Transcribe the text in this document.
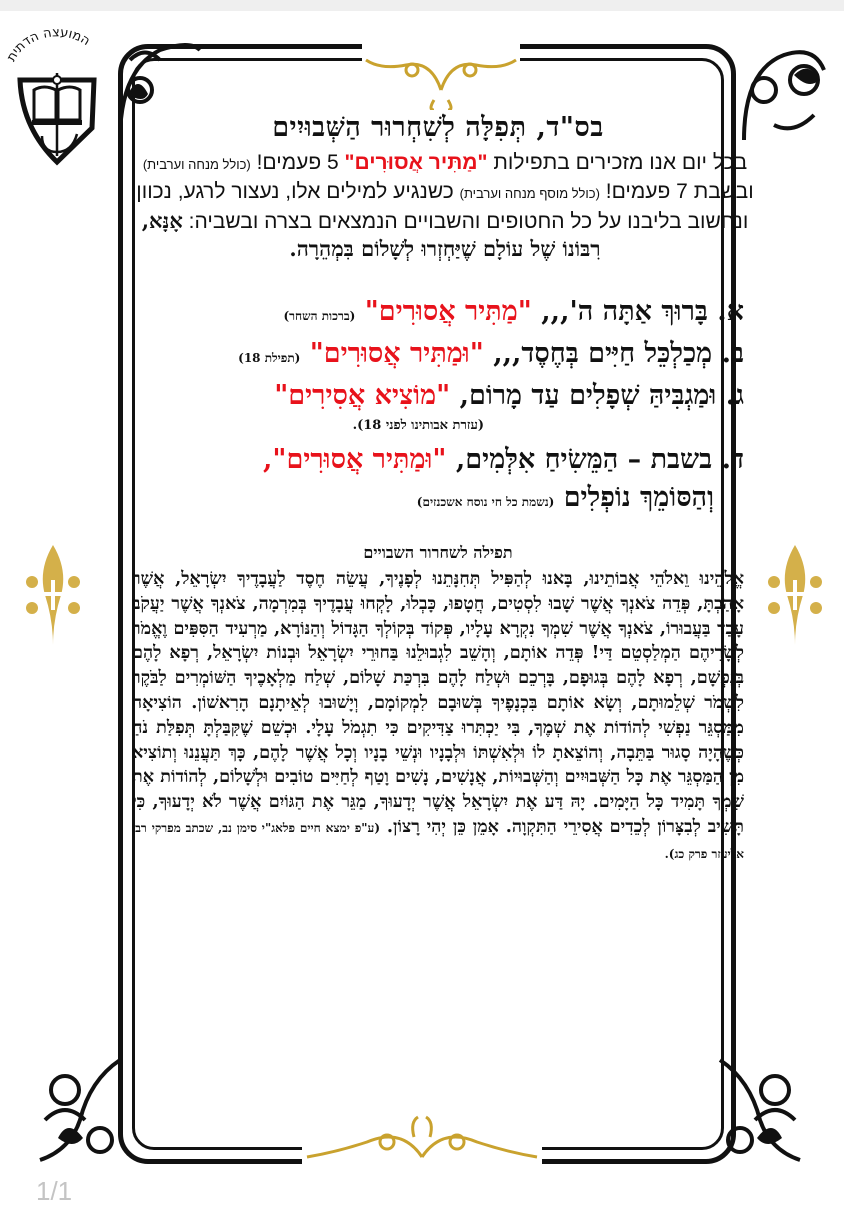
המועצה הדתית
בס"ד, תְּפִלָּה לְשִׁחְרוּר הַשְּׁבוּיִים
בכל יום אנו מזכירים בתפילות "מַתִּיר אֲסוּרִים" 5 פעמים! (כולל מנחה וערבית) ובשבת 7 פעמים! (כולל מוסף מנחה וערבית) כשנגיע למילים אלו, נעצור לרגע, נכוון ונחשוב בליבנו על כל החטופים והשבויים הנמצאים בצרה ובשביה: אָנָּא, רִבּוֹנוֹ שֶׁל עוֹלָם שֶׁיַּחְזְרוּ לְשָׁלוֹם בִּמְהֵרָה.
א. בָּרוּךְ אַתָּה ה',,, "מַתִּיר אֲסוּרִים" (ברכות השחר)
ב. מְכַלְכֵּל חַיִּים בְּחֶסֶד,,, "וּמַתִּיר אֲסוּרִים" (תפילת 18)
ג. וּמַגְבִּיהַּ שְׁפָלִים עַד מָרוֹם, "מוֹצִיא אֲסִירִים"
(עזרת אבותינו לפני 18).
ד. בשבת – הַמֵּשִׂיחַ אִלְּמִים, "וּמַתִּיר אֲסוּרִים",
וְהַסּוֹמֵךְ נוֹפְלִים (נשמת כל חי נוסח אשכנזים)
תפילה לשחרור השבויים
אֱלֹהֵינוּ וֵאלֹהֵי אֲבוֹתֵינוּ, בָּאנוּ לְהַפִּיל תְּחִנָּתֵנוּ לְפָנֶיךָ, עֲשֵׂה חֶסֶד לַעֲבָדֶיךָ יִשְׂרָאֵל, אֲשֶׁר אָהַבְתָּ, פְּדֵה צֹאנְךָ אֲשֶׁר שָׁבוּ לִסְטִים, חֲטָפוּ, כָּבְלוּ, לָקְחוּ עֲבָדֶיךָ בְּמִרְמָה, צֹאנְךָ אֲשֶׁר יַעֲקֹב עָבַד בַּעֲבוּרוֹ, צֹאנְךָ אֲשֶׁר שִׁמְךָ נִקְרָא עָלָיו, פְּקוֹד בְּקוֹלְךָ הַגָּדוֹל וְהַנּוֹרָא, מַרְעִיד הַסִּפִּים וֶאֱמֹר לְשָׂרֵיהֶם הַמְלַסְטֵם דַּי! פְּדֵה אוֹתָם, וְהָשֵׁב לִגְבוּלֵנוּ בַּחוּרֵי יִשְׂרָאֵל וּבְנוֹת יִשְׂרָאֵל, רְפָא לָהֶם בְּנַפְשָׁם, רְפָא לָהֶם בְּגוּפָם, בָּרְכֵם וּשְׁלַח לָהֶם בִּרְכַּת שָׁלוֹם, שְׁלַח מַלְאָכֶיךָ הַשּׁוֹמְרִים לַבֹּקֶר לִשְׁמֹר שְׁלֵמוּתָם, וְשָׂא אוֹתָם בִּכְנָפֶיךָ בְּשׁוּבָם לִמְקוֹמָם, וְיָשׁוּבוּ לְאֵיתָנָם הָרִאשׁוֹן. הוֹצִיאָה מִמַּסְגֵּר נַפְשִׁי לְהוֹדוֹת אֶת שְׁמֶךָ, בִּי יַכְתִּרוּ צַדִּיקִים כִּי תִגְמֹל עָלָי. וּכְשֵׁם שֶׁקִּבַּלְתָּ תְּפִלַּת נֹחַ כְּשֶׁהָיָה סָגוּר בַּתֵּבָה, וְהוֹצֵאתָ לוֹ וּלְאִשְׁתּוֹ וּלְבָנָיו וּנְשֵׁי בָנָיו וְכָל אֲשֶׁר לָהֶם, כָּךְ תַּעֲנֵנוּ וְתוֹצִיא מִן הַמַּסְגֵּר אֶת כָּל הַשְּׁבוּיִים וְהַשְּׁבוּיוֹת, אֲנָשִׁים, נָשִׁים וָטַף לְחַיִּים טוֹבִים וּלְשָׁלוֹם, לְהוֹדוֹת אֶת שִׁמְךָ תָּמִיד כָּל הַיָּמִים. יָהּ דַּע אֶת יִשְׂרָאֵל אֲשֶׁר יְדָעוּךָ, מַגֵּר אֶת הַגּוֹיִם אֲשֶׁר לֹא יְדָעוּךָ, כִּי תָּשִׁיב לְבִצָּרוֹן לְכֵדִים אֲסִירֵי הַתִּקְוָה. אָמֵן כֵּן יְהִי רָצוֹן. (ע"פ ימצא חיים פלאג"י סימן נב, שכתב מפרקי רבי אליעזר פרק כג).
1/1
